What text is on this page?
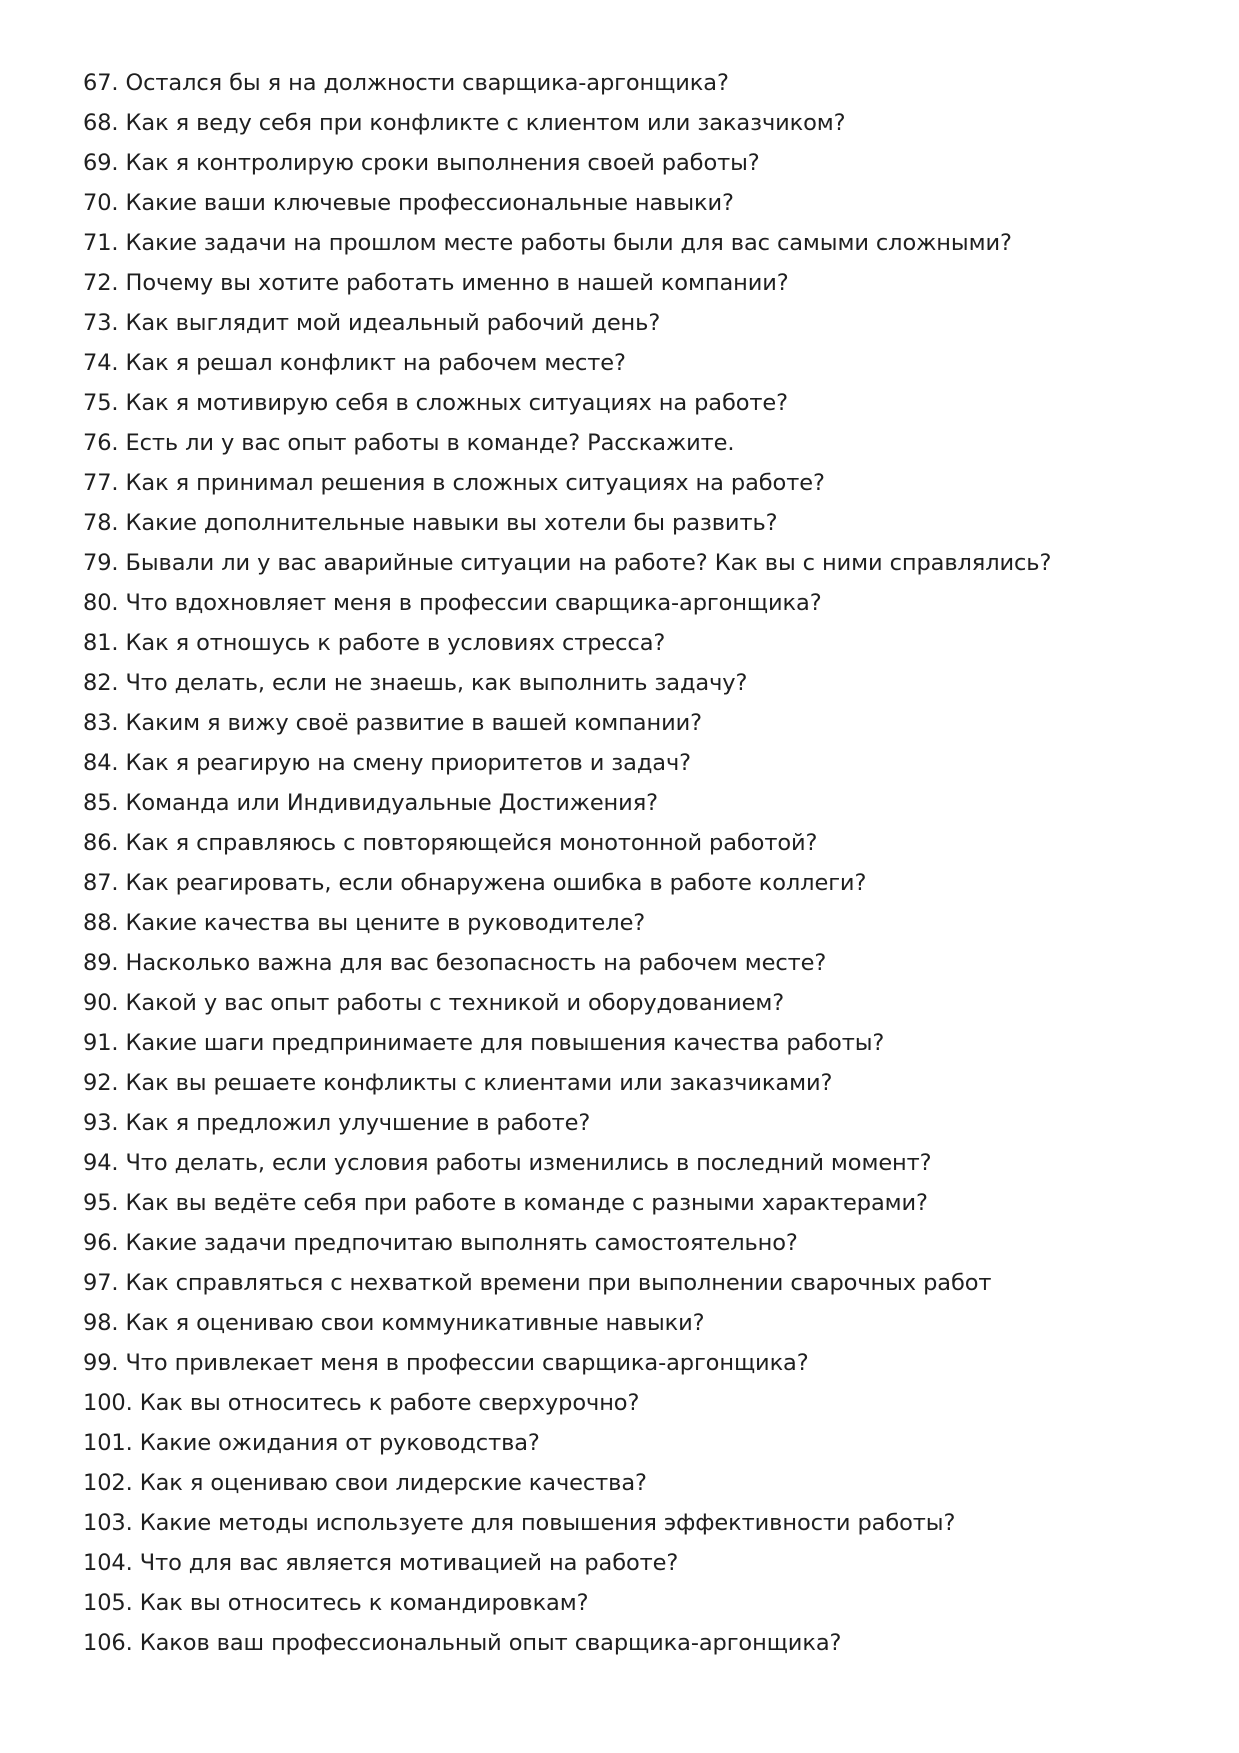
67. Остался бы я на должности сварщика-аргонщика?
68. Как я веду себя при конфликте с клиентом или заказчиком?
69. Как я контролирую сроки выполнения своей работы?
70. Какие ваши ключевые профессиональные навыки?
71. Какие задачи на прошлом месте работы были для вас самыми сложными?
72. Почему вы хотите работать именно в нашей компании?
73. Как выглядит мой идеальный рабочий день?
74. Как я решал конфликт на рабочем месте?
75. Как я мотивирую себя в сложных ситуациях на работе?
76. Есть ли у вас опыт работы в команде? Расскажите.
77. Как я принимал решения в сложных ситуациях на работе?
78. Какие дополнительные навыки вы хотели бы развить?
79. Бывали ли у вас аварийные ситуации на работе? Как вы с ними справлялись?
80. Что вдохновляет меня в профессии сварщика-аргонщика?
81. Как я отношусь к работе в условиях стресса?
82. Что делать, если не знаешь, как выполнить задачу?
83. Каким я вижу своё развитие в вашей компании?
84. Как я реагирую на смену приоритетов и задач?
85. Команда или Индивидуальные Достижения?
86. Как я справляюсь с повторяющейся монотонной работой?
87. Как реагировать, если обнаружена ошибка в работе коллеги?
88. Какие качества вы цените в руководителе?
89. Насколько важна для вас безопасность на рабочем месте?
90. Какой у вас опыт работы с техникой и оборудованием?
91. Какие шаги предпринимаете для повышения качества работы?
92. Как вы решаете конфликты с клиентами или заказчиками?
93. Как я предложил улучшение в работе?
94. Что делать, если условия работы изменились в последний момент?
95. Как вы ведёте себя при работе в команде с разными характерами?
96. Какие задачи предпочитаю выполнять самостоятельно?
97. Как справляться с нехваткой времени при выполнении сварочных работ
98. Как я оцениваю свои коммуникативные навыки?
99. Что привлекает меня в профессии сварщика-аргонщика?
100. Как вы относитесь к работе сверхурочно?
101. Какие ожидания от руководства?
102. Как я оцениваю свои лидерские качества?
103. Какие методы используете для повышения эффективности работы?
104. Что для вас является мотивацией на работе?
105. Как вы относитесь к командировкам?
106. Каков ваш профессиональный опыт сварщика-аргонщика?
